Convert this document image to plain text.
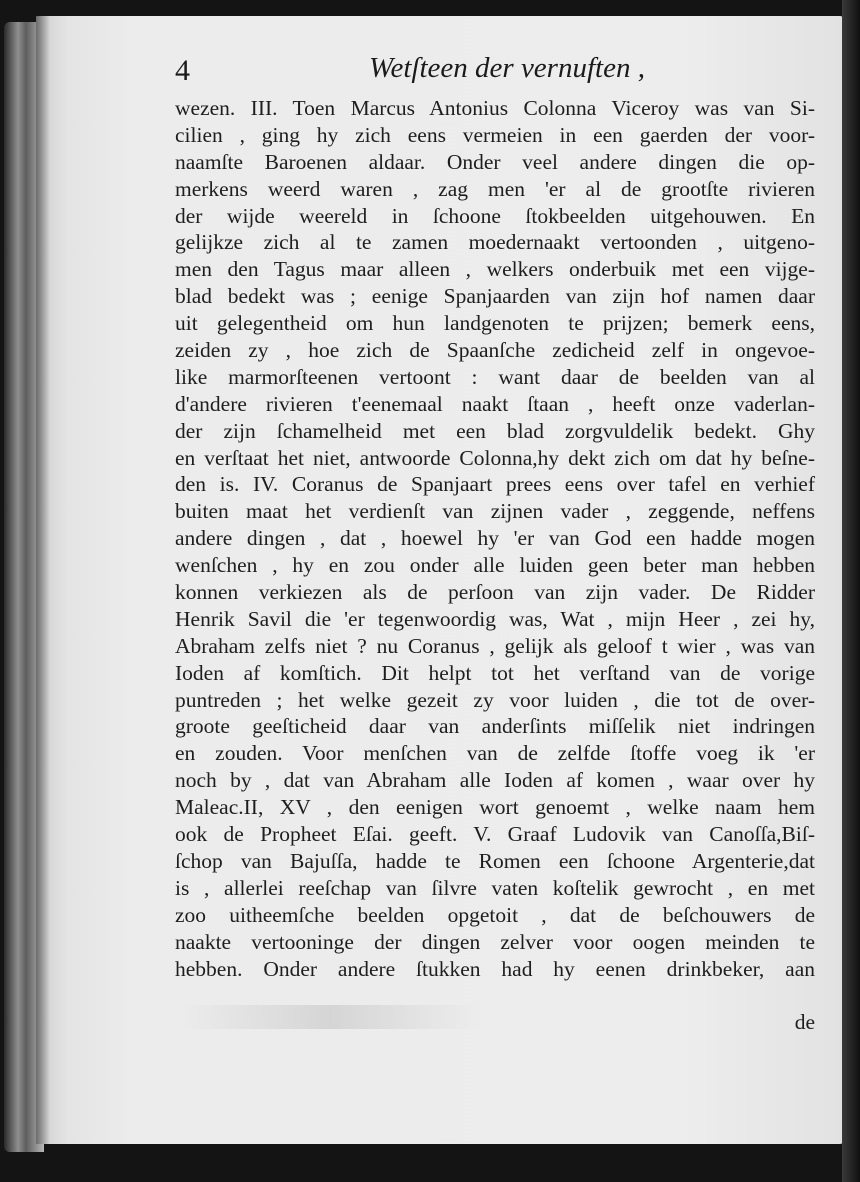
4	Wetſteen der vernuften ,
wezen. III. Toen Marcus Antonius Colonna Viceroy was van Si-
cilien , ging hy zich eens vermeien in een gaerden der voor-
naamſte Baroenen aldaar. Onder veel andere dingen die op-
merkens weerd waren , zag men 'er al de grootſte rivieren
der wijde weereld in ſchoone ſtokbeelden uitgehouwen. En
gelijkze zich al te zamen moedernaakt vertoonden , uitgeno-
men den Tagus maar alleen , welkers onderbuik met een vijge-
blad bedekt was ; eenige Spanjaarden van zijn hof namen daar
uit gelegentheid om hun landgenoten te prijzen; bemerk eens,
zeiden zy , hoe zich de Spaanſche zedicheid zelf in ongevoe-
like marmorſteenen vertoont : want daar de beelden van al
d'andere rivieren t'eenemaal naakt ſtaan , heeft onze vaderlan-
der zijn ſchamelheid met een blad zorgvuldelik bedekt. Ghy
en verſtaat het niet, antwoorde Colonna,hy dekt zich om dat hy beſne-
den is. IV. Coranus de Spanjaart prees eens over tafel en verhief
buiten maat het verdienſt van zijnen vader , zeggende, neffens
andere dingen , dat , hoewel hy 'er van God een hadde mogen
wenſchen , hy en zou onder alle luiden geen beter man hebben
konnen verkiezen als de perſoon van zijn vader. De Ridder
Henrik Savil die 'er tegenwoordig was, Wat , mijn Heer , zei hy,
Abraham zelfs niet ? nu Coranus , gelijk als geloof t wier , was van
Ioden af komſtich. Dit helpt tot het verſtand van de vorige
puntreden ; het welke gezeit zy voor luiden , die tot de over-
groote geeſticheid daar van anderſints miſſelik niet indringen
en zouden. Voor menſchen van de zelfde ſtoffe voeg ik 'er
noch by , dat van Abraham alle Ioden af komen , waar over hy
Maleac.II, XV , den eenigen wort genoemt , welke naam hem
ook de Propheet Eſai. geeft. V. Graaf Ludovik van Canoſſa,Biſ-
ſchop van Bajuſſa, hadde te Romen een ſchoone Argenterie,dat
is , allerlei reeſchap van ſilvre vaten koſtelik gewrocht , en met
zoo uitheemſche beelden opgetoit , dat de beſchouwers de
naakte vertooninge der dingen zelver voor oogen meinden te
hebben. Onder andere ſtukken had hy eenen drinkbeker, aan
de
